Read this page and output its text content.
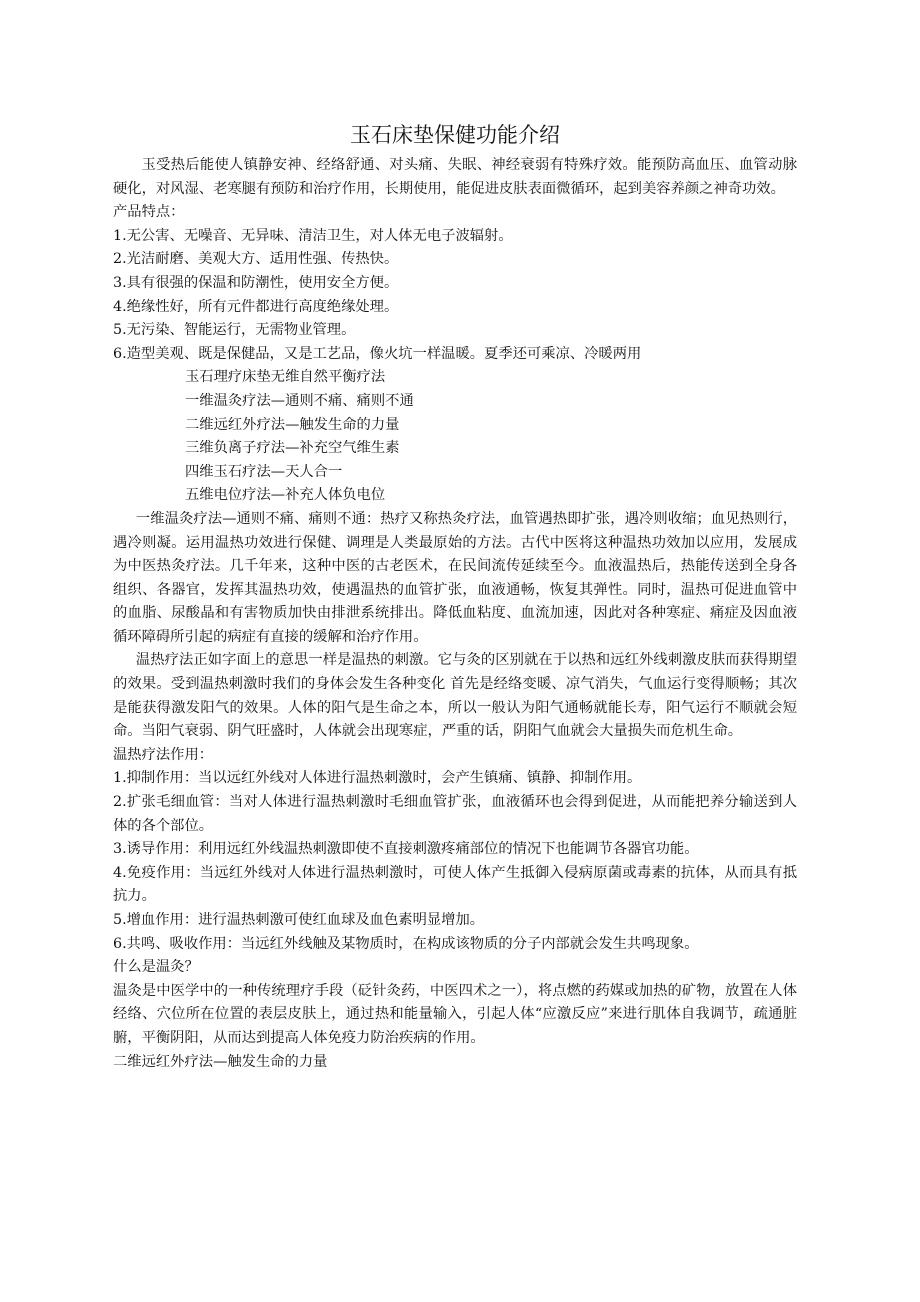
玉石床垫保健功能介绍

玉受热后能使人镇静安神、经络舒通、对头痛、失眠、神经衰弱有特殊疗效。能预防高血压、血管动脉硬化，对风湿、老寒腿有预防和治疗作用，长期使用，能促进皮肤表面微循环，起到美容养颜之神奇功效。

产品特点：

1.无公害、无噪音、无异味、清洁卫生，对人体无电子波辐射。
2.光洁耐磨、美观大方、适用性强、传热快。
3.具有很强的保温和防潮性，使用安全方便。
4.绝缘性好，所有元件都进行高度绝缘处理。
5.无污染、智能运行，无需物业管理。
6.造型美观、既是保健品，又是工艺品，像火坑一样温暖。夏季还可乘凉、冷暖两用
玉石理疗床垫无维自然平衡疗法
一维温灸疗法—通则不痛、痛则不通
二维远红外疗法—触发生命的力量
三维负离子疗法—补充空气维生素
四维玉石疗法—天人合一
五维电位疗法—补充人体负电位

一维温灸疗法—通则不痛、痛则不通：热疗又称热灸疗法，血管遇热即扩张，遇冷则收缩；血见热则行，遇冷则凝。运用温热功效进行保健、调理是人类最原始的方法。古代中医将这种温热功效加以应用，发展成为中医热灸疗法。几千年来，这种中医的古老医术，在民间流传延续至今。血液温热后，热能传送到全身各组织、各器官，发挥其温热功效，使遇温热的血管扩张，血液通畅，恢复其弹性。同时，温热可促进血管中的血脂、尿酸晶和有害物质加快由排泄系统排出。降低血粘度、血流加速，因此对各种寒症、痛症及因血液循环障碍所引起的病症有直接的缓解和治疗作用。

温热疗法正如字面上的意思一样是温热的刺激。它与灸的区别就在于以热和远红外线刺激皮肤而获得期望的效果。受到温热刺激时我们的身体会发生各种变化 首先是经络变暖、凉气消失，气血运行变得顺畅；其次是能获得激发阳气的效果。人体的阳气是生命之本，所以一般认为阳气通畅就能长寿，阳气运行不顺就会短命。当阳气衰弱、阴气旺盛时，人体就会出现寒症，严重的话，阴阳气血就会大量损失而危机生命。

温热疗法作用：

1.抑制作用：当以远红外线对人体进行温热刺激时，会产生镇痛、镇静、抑制作用。
2.扩张毛细血管：当对人体进行温热刺激时毛细血管扩张，血液循环也会得到促进，从而能把养分输送到人体的各个部位。
3.诱导作用：利用远红外线温热刺激即使不直接刺激疼痛部位的情况下也能调节各器官功能。
4.免疫作用：当远红外线对人体进行温热刺激时，可使人体产生抵御入侵病原菌或毒素的抗体，从而具有抵抗力。
5.增血作用：进行温热刺激可使红血球及血色素明显增加。
6.共鸣、吸收作用：当远红外线触及某物质时，在构成该物质的分子内部就会发生共鸣现象。

什么是温灸？

温灸是中医学中的一种传统理疗手段（砭针灸药，中医四术之一），将点燃的药媒或加热的矿物，放置在人体经络、穴位所在位置的表层皮肤上，通过热和能量输入，引起人体“应激反应”来进行肌体自我调节，疏通脏腑，平衡阴阳，从而达到提高人体免疫力防治疾病的作用。

二维远红外疗法—触发生命的力量
